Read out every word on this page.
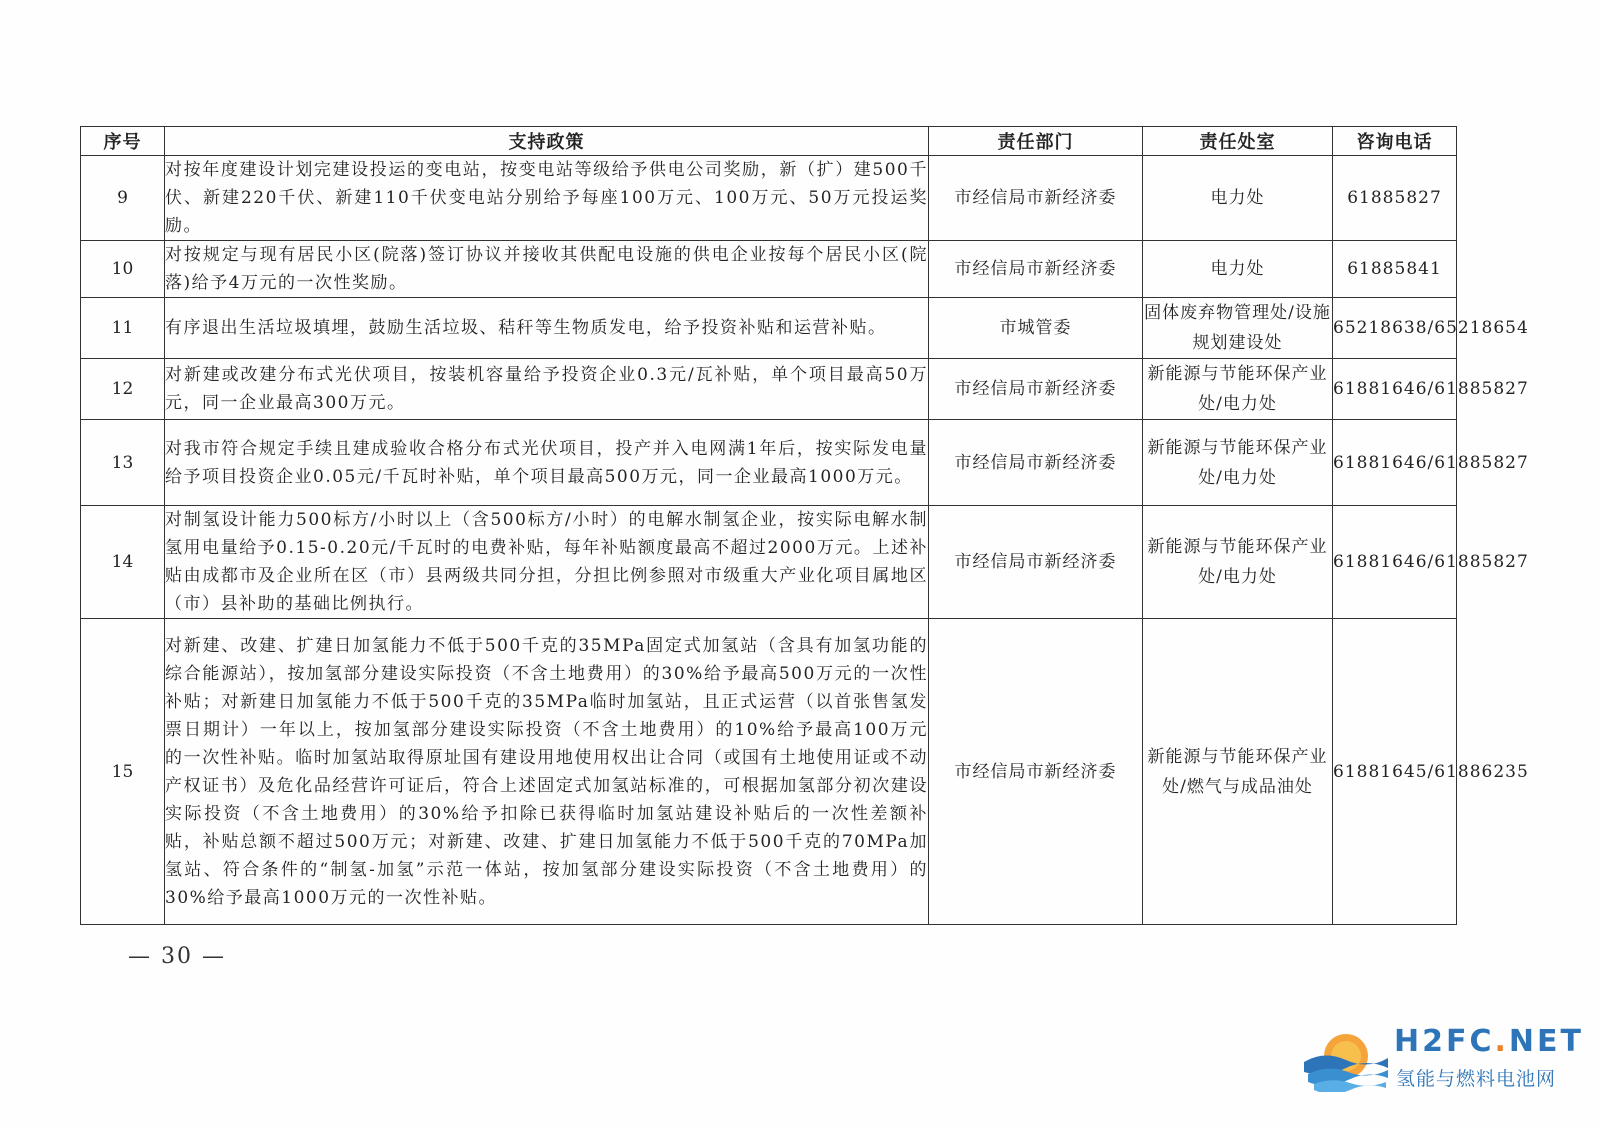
序号	支持政策	责任部门	责任处室	咨询电话
9	对按年度建设计划完建设投运的变电站，按变电站等级给予供电公司奖励，新（扩）建500千伏、新建220千伏、新建110千伏变电站分别给予每座100万元、100万元、50万元投运奖励。	市经信局市新经济委	电力处	61885827
10	对按规定与现有居民小区(院落)签订协议并接收其供配电设施的供电企业按每个居民小区(院落)给予4万元的一次性奖励。	市经信局市新经济委	电力处	61885841
11	有序退出生活垃圾填埋，鼓励生活垃圾、秸秆等生物质发电，给予投资补贴和运营补贴。	市城管委	固体废弃物管理处/设施规划建设处	65218638/65218654
12	对新建或改建分布式光伏项目，按装机容量给予投资企业0.3元/瓦补贴，单个项目最高50万元，同一企业最高300万元。	市经信局市新经济委	新能源与节能环保产业处/电力处	61881646/61885827
13	对我市符合规定手续且建成验收合格分布式光伏项目，投产并入电网满1年后，按实际发电量给予项目投资企业0.05元/千瓦时补贴，单个项目最高500万元，同一企业最高1000万元。	市经信局市新经济委	新能源与节能环保产业处/电力处	61881646/61885827
14	对制氢设计能力500标方/小时以上（含500标方/小时）的电解水制氢企业，按实际电解水制氢用电量给予0.15-0.20元/千瓦时的电费补贴，每年补贴额度最高不超过2000万元。上述补贴由成都市及企业所在区（市）县两级共同分担，分担比例参照对市级重大产业化项目属地区（市）县补助的基础比例执行。	市经信局市新经济委	新能源与节能环保产业处/电力处	61881646/61885827
15	对新建、改建、扩建日加氢能力不低于500千克的35MPa固定式加氢站（含具有加氢功能的综合能源站），按加氢部分建设实际投资（不含土地费用）的30%给予最高500万元的一次性补贴；对新建日加氢能力不低于500千克的35MPa临时加氢站，且正式运营（以首张售氢发票日期计）一年以上，按加氢部分建设实际投资（不含土地费用）的10%给予最高100万元的一次性补贴。临时加氢站取得原址国有建设用地使用权出让合同（或国有土地使用证或不动产权证书）及危化品经营许可证后，符合上述固定式加氢站标准的，可根据加氢部分初次建设实际投资（不含土地费用）的30%给予扣除已获得临时加氢站建设补贴后的一次性差额补贴，补贴总额不超过500万元；对新建、改建、扩建日加氢能力不低于500千克的70MPa加氢站、符合条件的“制氢-加氢”示范一体站，按加氢部分建设实际投资（不含土地费用）的30%给予最高1000万元的一次性补贴。	市经信局市新经济委	新能源与节能环保产业处/燃气与成品油处	61881645/61886235
— 30 —
H2FC.NET
氢能与燃料电池网
